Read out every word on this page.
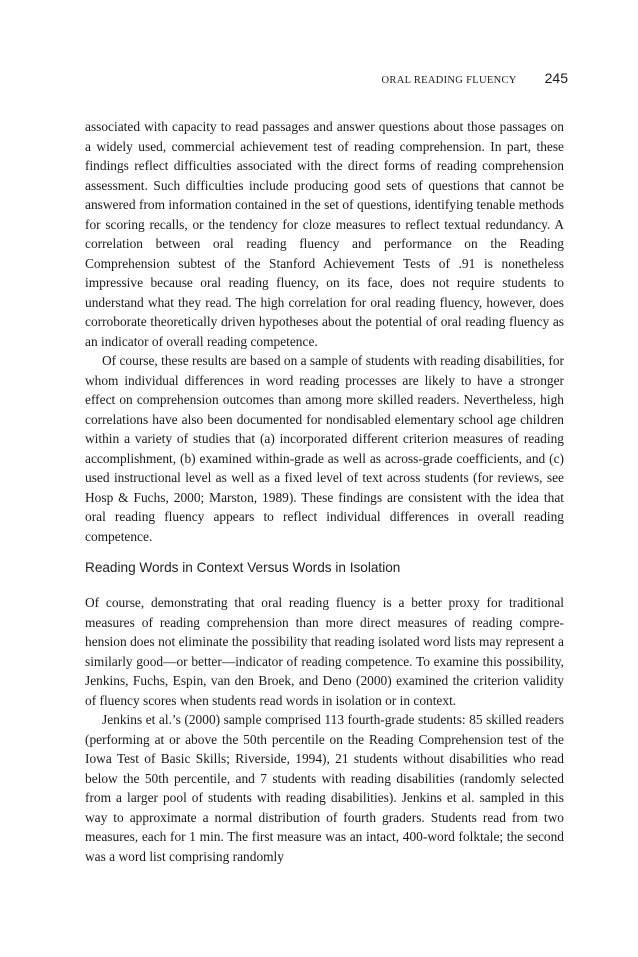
ORAL READING FLUENCY 245

associated with capacity to read passages and answer questions about those passages on a widely used, commercial achievement test of reading comprehension. In part, these findings reflect difficulties associated with the direct forms of reading comprehension assessment. Such difficulties include producing good sets of questions that cannot be answered from information contained in the set of questions, identifying tenable methods for scoring recalls, or the tendency for cloze measures to reflect textual redundancy. A correlation between oral reading fluency and performance on the Reading Comprehension subtest of the Stanford Achievement Tests of .91 is nonetheless impressive because oral reading fluency, on its face, does not require students to understand what they read. The high correlation for oral reading fluency, however, does corroborate theoretically driven hypotheses about the potential of oral reading fluency as an indicator of overall reading competence.

Of course, these results are based on a sample of students with reading disabilities, for whom individual differences in word reading processes are likely to have a stronger effect on comprehension outcomes than among more skilled readers. Nevertheless, high correlations have also been documented for nondisabled elementary school age children within a variety of studies that (a) incorporated different criterion measures of reading accomplishment, (b) examined within-grade as well as across-grade coefficients, and (c) used instructional level as well as a fixed level of text across students (for reviews, see Hosp & Fuchs, 2000; Marston, 1989). These findings are consistent with the idea that oral reading fluency appears to reflect individual differences in overall reading competence.

Reading Words in Context Versus Words in Isolation

Of course, demonstrating that oral reading fluency is a better proxy for traditional measures of reading comprehension than more direct measures of reading comprehension does not eliminate the possibility that reading isolated word lists may represent a similarly good—or better—indicator of reading competence. To examine this possibility, Jenkins, Fuchs, Espin, van den Broek, and Deno (2000) examined the criterion validity of fluency scores when students read words in isolation or in context.

Jenkins et al.’s (2000) sample comprised 113 fourth-grade students: 85 skilled readers (performing at or above the 50th percentile on the Reading Comprehension test of the Iowa Test of Basic Skills; Riverside, 1994), 21 students without disabilities who read below the 50th percentile, and 7 students with reading disabilities (randomly selected from a larger pool of students with reading disabilities). Jenkins et al. sampled in this way to approximate a normal distribution of fourth graders. Students read from two measures, each for 1 min. The first measure was an intact, 400-word folktale; the second was a word list comprising randomly
